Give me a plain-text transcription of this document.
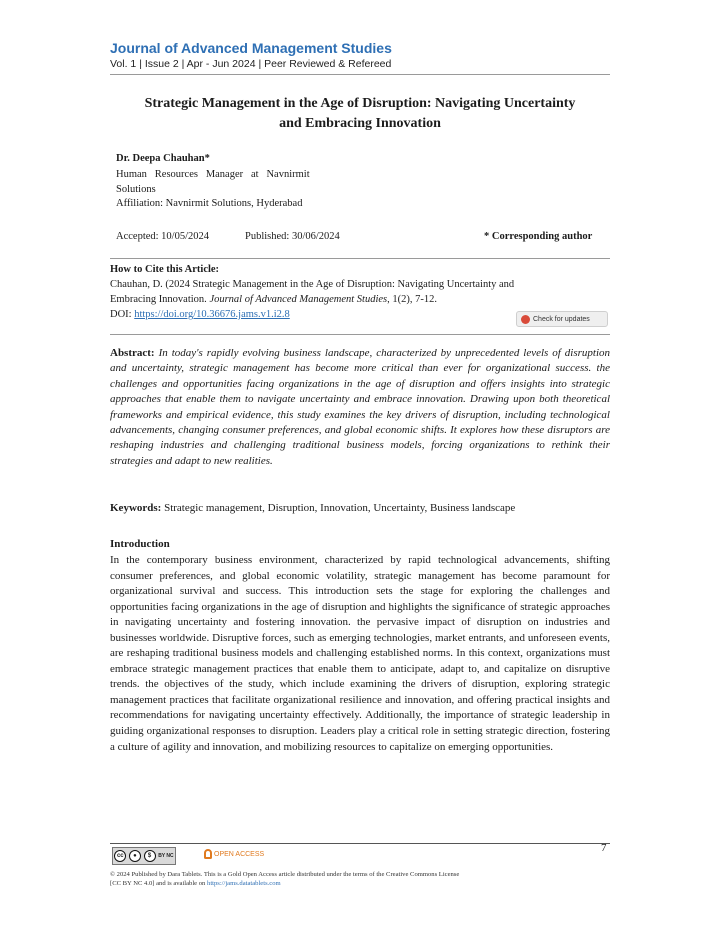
Journal of Advanced Management Studies
Vol. 1 | Issue 2 | Apr - Jun 2024 | Peer Reviewed & Refereed
Strategic Management in the Age of Disruption: Navigating Uncertainty
and Embracing Innovation
Dr. Deepa Chauhan*
Human   Resources   Manager   at   Navnirmit
Solutions
Affiliation: Navnirmit Solutions, Hyderabad
Accepted: 10/05/2024	Published: 30/06/2024	* Corresponding author
How to Cite this Article:
Chauhan, D. (2024 Strategic Management in the Age of Disruption: Navigating Uncertainty and
Embracing Innovation. Journal of Advanced Management Studies, 1(2), 7-12.
DOI: https://doi.org/10.36676.jams.v1.i2.8	Check for updates
Abstract: In today's rapidly evolving business landscape, characterized by unprecedented levels of disruption and uncertainty, strategic management has become more critical than ever for organizational success. the challenges and opportunities facing organizations in the age of disruption and offers insights into strategic approaches that enable them to navigate uncertainty and embrace innovation. Drawing upon both theoretical frameworks and empirical evidence, this study examines the key drivers of disruption, including technological advancements, changing consumer preferences, and global economic shifts. It explores how these disruptors are reshaping industries and challenging traditional business models, forcing organizations to rethink their strategies and adapt to new realities.
Keywords: Strategic management, Disruption, Innovation, Uncertainty, Business landscape
Introduction
In the contemporary business environment, characterized by rapid technological advancements, shifting consumer preferences, and global economic volatility, strategic management has become paramount for organizational survival and success. This introduction sets the stage for exploring the challenges and opportunities facing organizations in the age of disruption and highlights the significance of strategic approaches in navigating uncertainty and fostering innovation. the pervasive impact of disruption on industries and businesses worldwide. Disruptive forces, such as emerging technologies, market entrants, and unforeseen events, are reshaping traditional business models and challenging established norms. In this context, organizations must embrace strategic management practices that enable them to anticipate, adapt to, and capitalize on disruptive trends. the objectives of the study, which include examining the drivers of disruption, exploring strategic management practices that facilitate organizational resilience and innovation, and offering practical insights and recommendations for navigating uncertainty effectively. Additionally, the importance of strategic leadership in guiding organizational responses to disruption. Leaders play a critical role in setting strategic direction, fostering a culture of agility and innovation, and mobilizing resources to capitalize on emerging opportunities.
cc	●	$	BY NC	OPEN ACCESS	7
© 2024 Published by Dara Tablets. This is a Gold Open Access article distributed under the terms of the Creative Commons License
[CC BY NC 4.0] and is available on https://jams.datatablets.com
